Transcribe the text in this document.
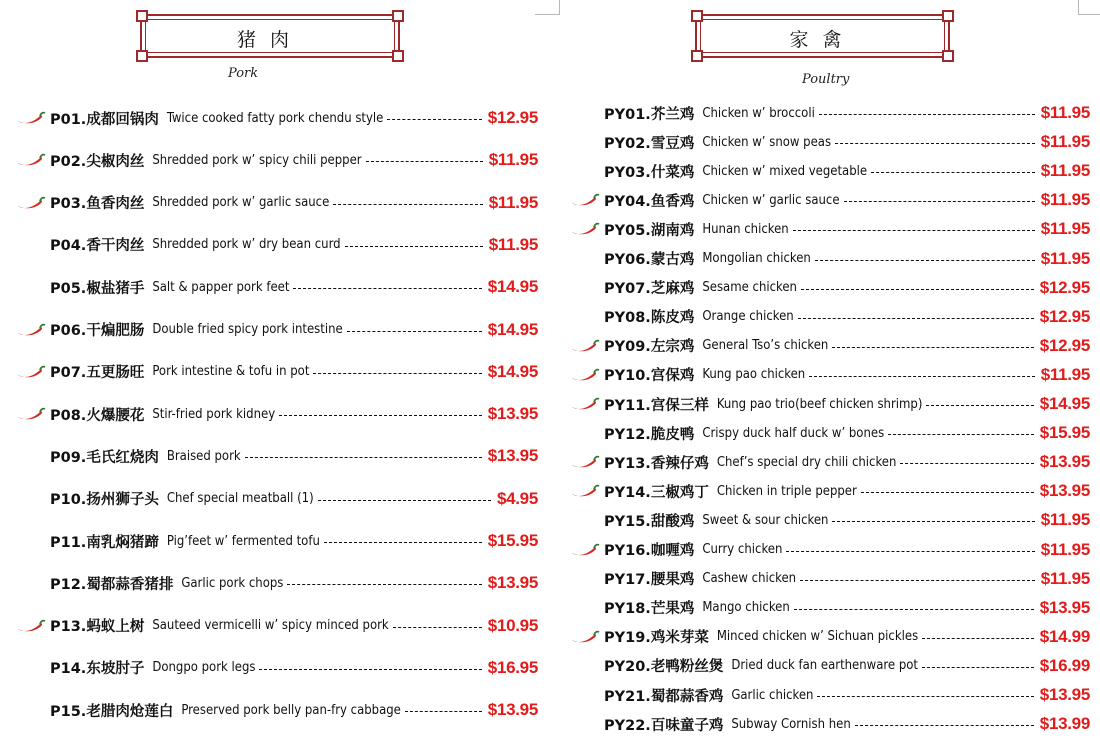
猪肉
Pork
P01.成都回锅肉 Twice cooked fatty pork chendu style	$12.95
P02.尖椒肉丝 Shredded pork w’ spicy chili pepper	$11.95
P03.鱼香肉丝 Shredded pork w’ garlic sauce	$11.95
P04.香干肉丝 Shredded pork w’ dry bean curd	$11.95
P05.椒盐猪手 Salt & papper pork feet	$14.95
P06.干煸肥肠 Double fried spicy pork intestine	$14.95
P07.五更肠旺 Pork intestine & tofu in pot	$14.95
P08.火爆腰花 Stir-fried pork kidney	$13.95
P09.毛氏红烧肉 Braised pork	$13.95
P10.扬州狮子头 Chef special meatball (1)	$4.95
P11.南乳焖猪蹄 Pig’feet w’ fermented tofu	$15.95
P12.蜀都蒜香猪排 Garlic pork chops	$13.95
P13.蚂蚁上树 Sauteed vermicelli w’ spicy minced pork	$10.95
P14.东坡肘子 Dongpo pork legs	$16.95
P15.老腊肉炝莲白 Preserved pork belly pan-fry cabbage	$13.95
家禽
Poultry
PY01.芥兰鸡 Chicken w’ broccoli	$11.95
PY02.雪豆鸡 Chicken w’ snow peas	$11.95
PY03.什菜鸡 Chicken w’ mixed vegetable	$11.95
PY04.鱼香鸡 Chicken w’ garlic sauce	$11.95
PY05.湖南鸡 Hunan chicken	$11.95
PY06.蒙古鸡 Mongolian chicken	$11.95
PY07.芝麻鸡 Sesame chicken	$12.95
PY08.陈皮鸡 Orange chicken	$12.95
PY09.左宗鸡 General Tso’s chicken	$12.95
PY10.宫保鸡 Kung pao chicken	$11.95
PY11.宫保三样 Kung pao trio(beef chicken shrimp)	$14.95
PY12.脆皮鸭 Crispy duck half duck w’ bones	$15.95
PY13.香辣仔鸡 Chef’s special dry chili chicken	$13.95
PY14.三椒鸡丁 Chicken in triple pepper	$13.95
PY15.甜酸鸡 Sweet & sour chicken	$11.95
PY16.咖喱鸡 Curry chicken	$11.95
PY17.腰果鸡 Cashew chicken	$11.95
PY18.芒果鸡 Mango chicken	$13.95
PY19.鸡米芽菜 Minced chicken w’ Sichuan pickles	$14.99
PY20.老鸭粉丝煲 Dried duck fan earthenware pot	$16.99
PY21.蜀都蒜香鸡 Garlic chicken	$13.95
PY22.百味童子鸡 Subway Cornish hen	$13.99
